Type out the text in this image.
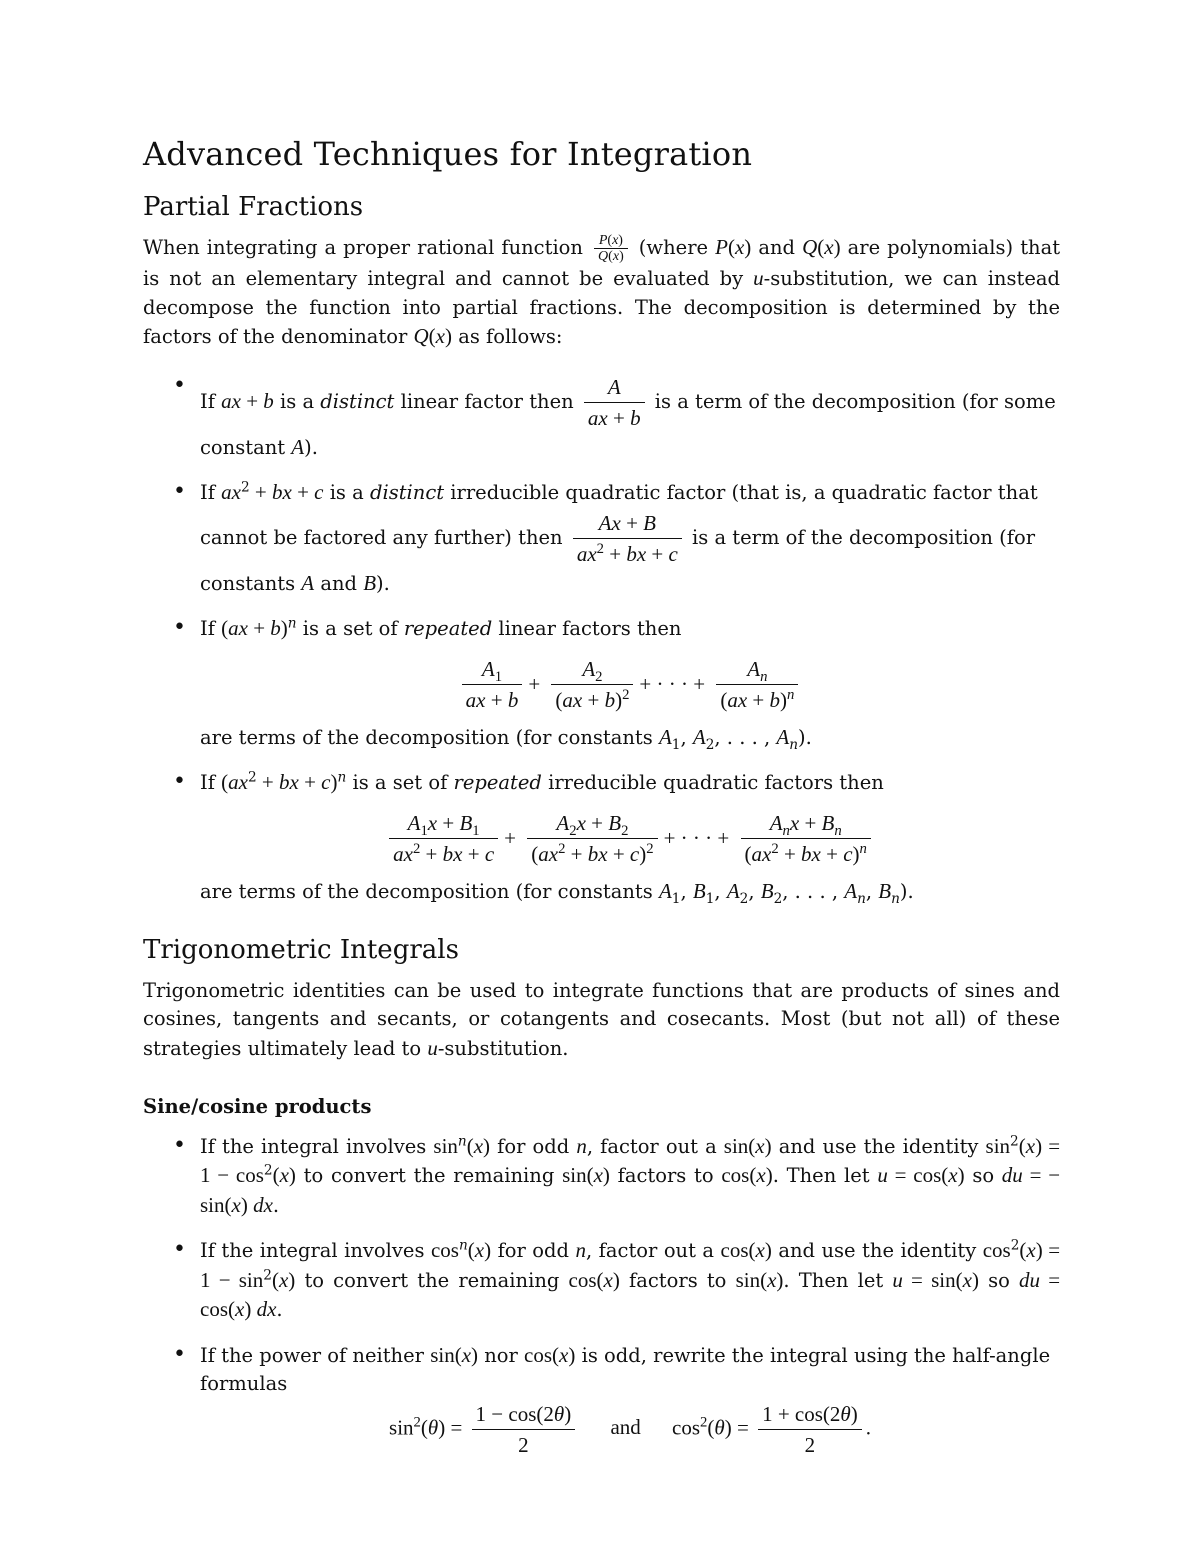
Advanced Techniques for Integration
Partial Fractions

When integrating a proper rational function $\frac{P(x)}{Q(x)}$ (where P(x) and Q(x) are polynomials) that is not an elementary integral and cannot be evaluated by u-substitution, we can instead decompose the function into partial fractions. The decomposition is determined by the factors of the denominator Q(x) as follows:

• If ax + b is a distinct linear factor then $\frac{A}{ax + b}$ is a term of the decomposition (for some constant A).
• If $ax^2$ + bx + c is a distinct irreducible quadratic factor (that is, a quadratic factor that cannot be factored any further) then $\frac{Ax + B}{ax^2 + bx + c}$ is a term of the decomposition (for constants A and B).
• If (ax + b)$^n$ is a set of repeated linear factors then
$\frac{A_1}{ax + b} + \frac{A_2}{(ax + b)^2}$ + · · · + $\frac{A_n}{(ax + b)^n}$
are terms of the decomposition (for constants $A_1$, $A_2$, . . . , $A_n$).
• If ($ax^2$ + bx + c)$^n$ is a set of repeated irreducible quadratic factors then
$\frac{A_1x + B_1}{ax^2 + bx + c} + \frac{A_2x + B_2}{(ax^2 + bx + c)^2}$ + · · · + $\frac{A_nx + B_n}{(ax^2 + bx + c)^n}$
are terms of the decomposition (for constants $A_1$, $B_1$, $A_2$, $B_2$, . . . , $A_n$, $B_n$).
Trigonometric Integrals

Trigonometric identities can be used to integrate functions that are products of sines and cosines, tangents and secants, or cotangents and cosecants. Most (but not all) of these strategies ultimately lead to u-substitution.

Sine/cosine products
• If the integral involves $\sin^n(x)$ for odd n, factor out a sin(x) and use the identity $\sin^2(x) = 1 - \cos^2(x)$ to convert the remaining sin(x) factors to cos(x). Then let u = cos(x) so du = − sin(x) dx.
• If the integral involves $\cos^n(x)$ for odd n, factor out a cos(x) and use the identity $\cos^2(x) = 1 - \sin^2(x)$ to convert the remaining cos(x) factors to sin(x). Then let u = sin(x) so du = cos(x) dx.
• If the power of neither sin(x) nor cos(x) is odd, rewrite the integral using the half-angle formulas
$\sin^2(\theta) = \frac{1 - \cos(2\theta)}{2}$ and $\cos^2(\theta) = \frac{1 + \cos(2\theta)}{2}$ .
